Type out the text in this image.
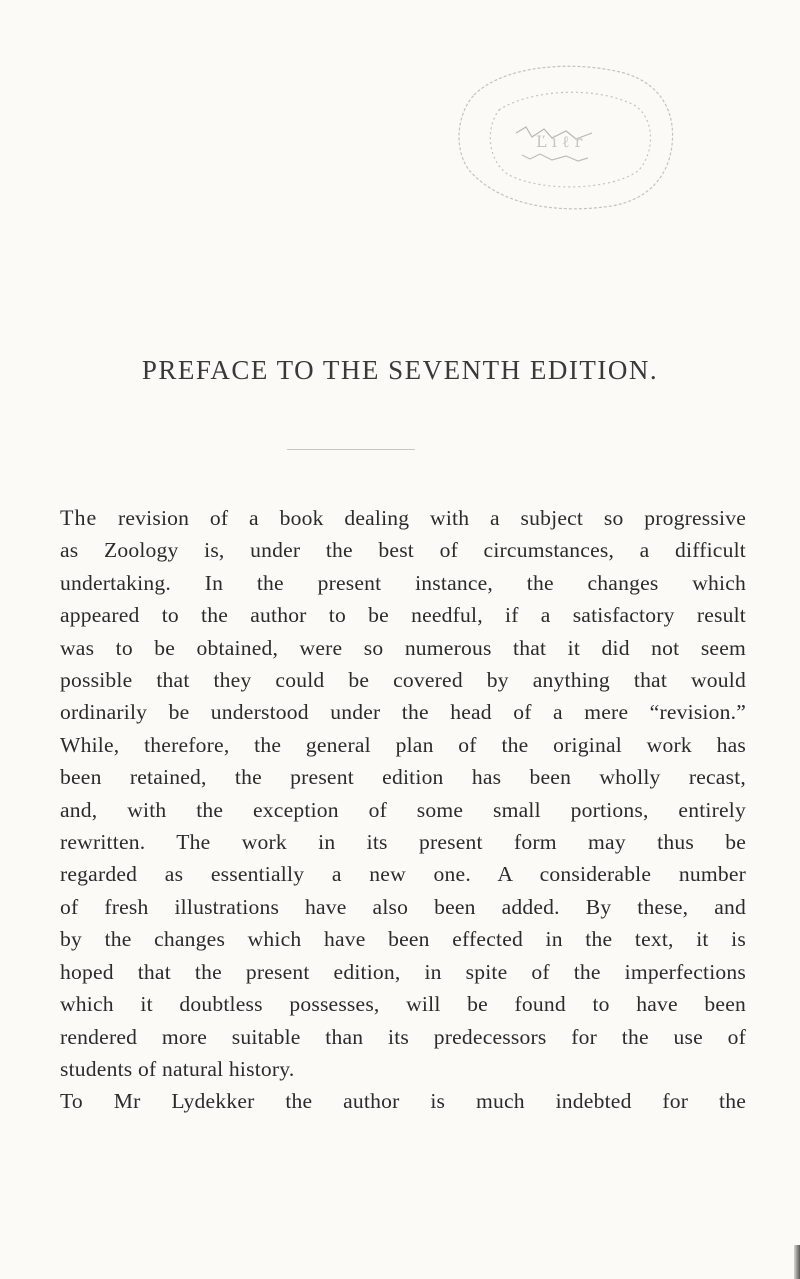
Ľ i ℓ r
PREFACE TO THE SEVENTH EDITION.

The revision of a book dealing with a subject so progressive

as Zoology is, under the best of circumstances, a difficult

undertaking. In the present instance, the changes which

appeared to the author to be needful, if a satisfactory result

was to be obtained, were so numerous that it did not seem

possible that they could be covered by anything that would

ordinarily be understood under the head of a mere “revision.”

While, therefore, the general plan of the original work has

been retained, the present edition has been wholly recast,

and, with the exception of some small portions, entirely

rewritten. The work in its present form may thus be

regarded as essentially a new one. A considerable number

of fresh illustrations have also been added. By these, and

by the changes which have been effected in the text, it is

hoped that the present edition, in spite of the imperfections

which it doubtless possesses, will be found to have been

rendered more suitable than its predecessors for the use of

students of natural history.

To Mr Lydekker the author is much indebted for the
